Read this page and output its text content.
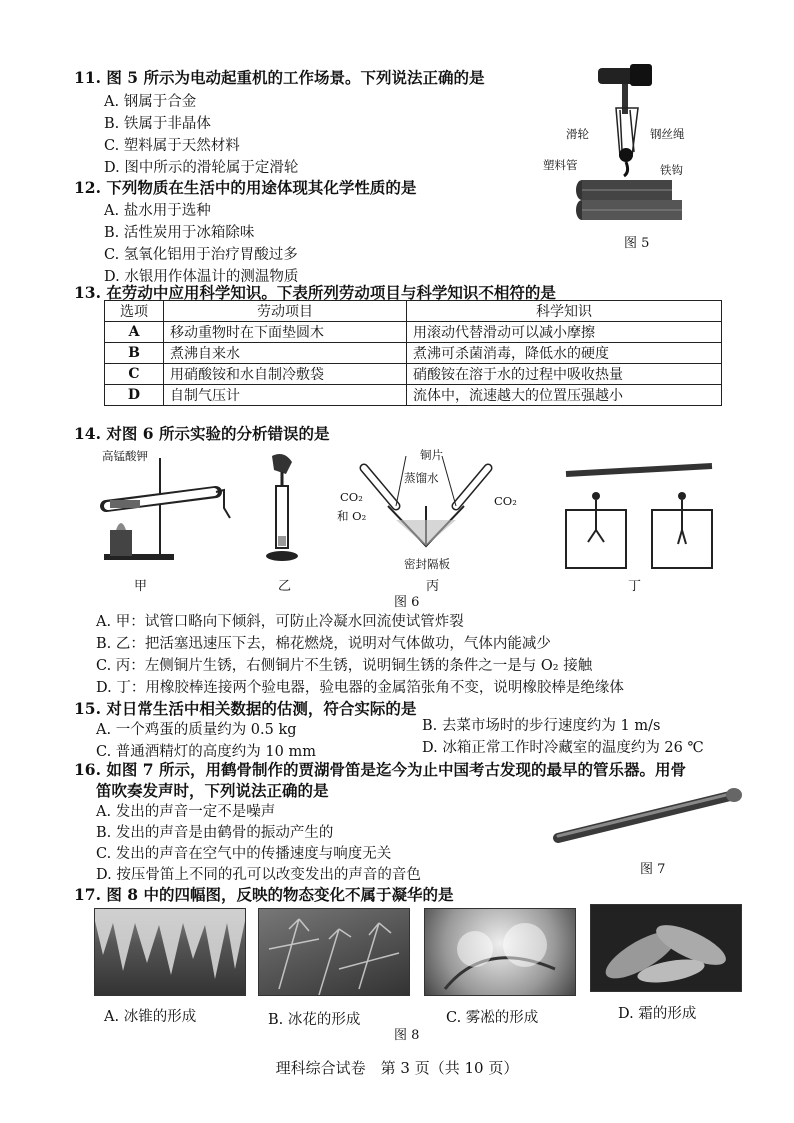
11. 图 5 所示为电动起重机的工作场景。下列说法正确的是
A. 钢属于合金
B. 铁属于非晶体
C. 塑料属于天然材料
D. 图中所示的滑轮属于定滑轮
滑轮	钢丝绳
塑料管	铁钩
图 5
12. 下列物质在生活中的用途体现其化学性质的是
A. 盐水用于选种
B. 活性炭用于冰箱除味
C. 氢氧化铝用于治疗胃酸过多
D. 水银用作体温计的测温物质
13. 在劳动中应用科学知识。下表所列劳动项目与科学知识不相符的是
选项	劳动项目	科学知识
A	移动重物时在下面垫圆木	用滚动代替滑动可以减小摩擦
B	煮沸自来水	煮沸可杀菌消毒，降低水的硬度
C	用硝酸铵和水自制冷敷袋	硝酸铵在溶于水的过程中吸收热量
D	自制气压计	流体中，流速越大的位置压强越小
14. 对图 6 所示实验的分析错误的是
高锰酸钾	铜片
蒸馏水
CO₂
和 O₂
CO₂
密封隔板
甲	乙	丙	丁
图 6
A. 甲：试管口略向下倾斜，可防止冷凝水回流使试管炸裂
B. 乙：把活塞迅速压下去，棉花燃烧，说明对气体做功，气体内能减少
C. 丙：左侧铜片生锈，右侧铜片不生锈，说明铜生锈的条件之一是与 O₂ 接触
D. 丁：用橡胶棒连接两个验电器，验电器的金属箔张角不变，说明橡胶棒是绝缘体
15. 对日常生活中相关数据的估测，符合实际的是
A. 一个鸡蛋的质量约为 0.5 kg	B. 去菜市场时的步行速度约为 1 m/s
C. 普通酒精灯的高度约为 10 mm	D. 冰箱正常工作时冷藏室的温度约为 26 ℃
16. 如图 7 所示，用鹤骨制作的贾湖骨笛是迄今为止中国考古发现的最早的管乐器。用骨
笛吹奏发声时，下列说法正确的是
A. 发出的声音一定不是噪声
B. 发出的声音是由鹤骨的振动产生的
C. 发出的声音在空气中的传播速度与响度无关
D. 按压骨笛上不同的孔可以改变发出的声音的音色	图 7
17. 图 8 中的四幅图，反映的物态变化不属于凝华的是
A. 冰锥的形成	B. 冰花的形成	C. 雾凇的形成	D. 霜的形成
图 8
理科综合试卷　第 3 页（共 10 页）
